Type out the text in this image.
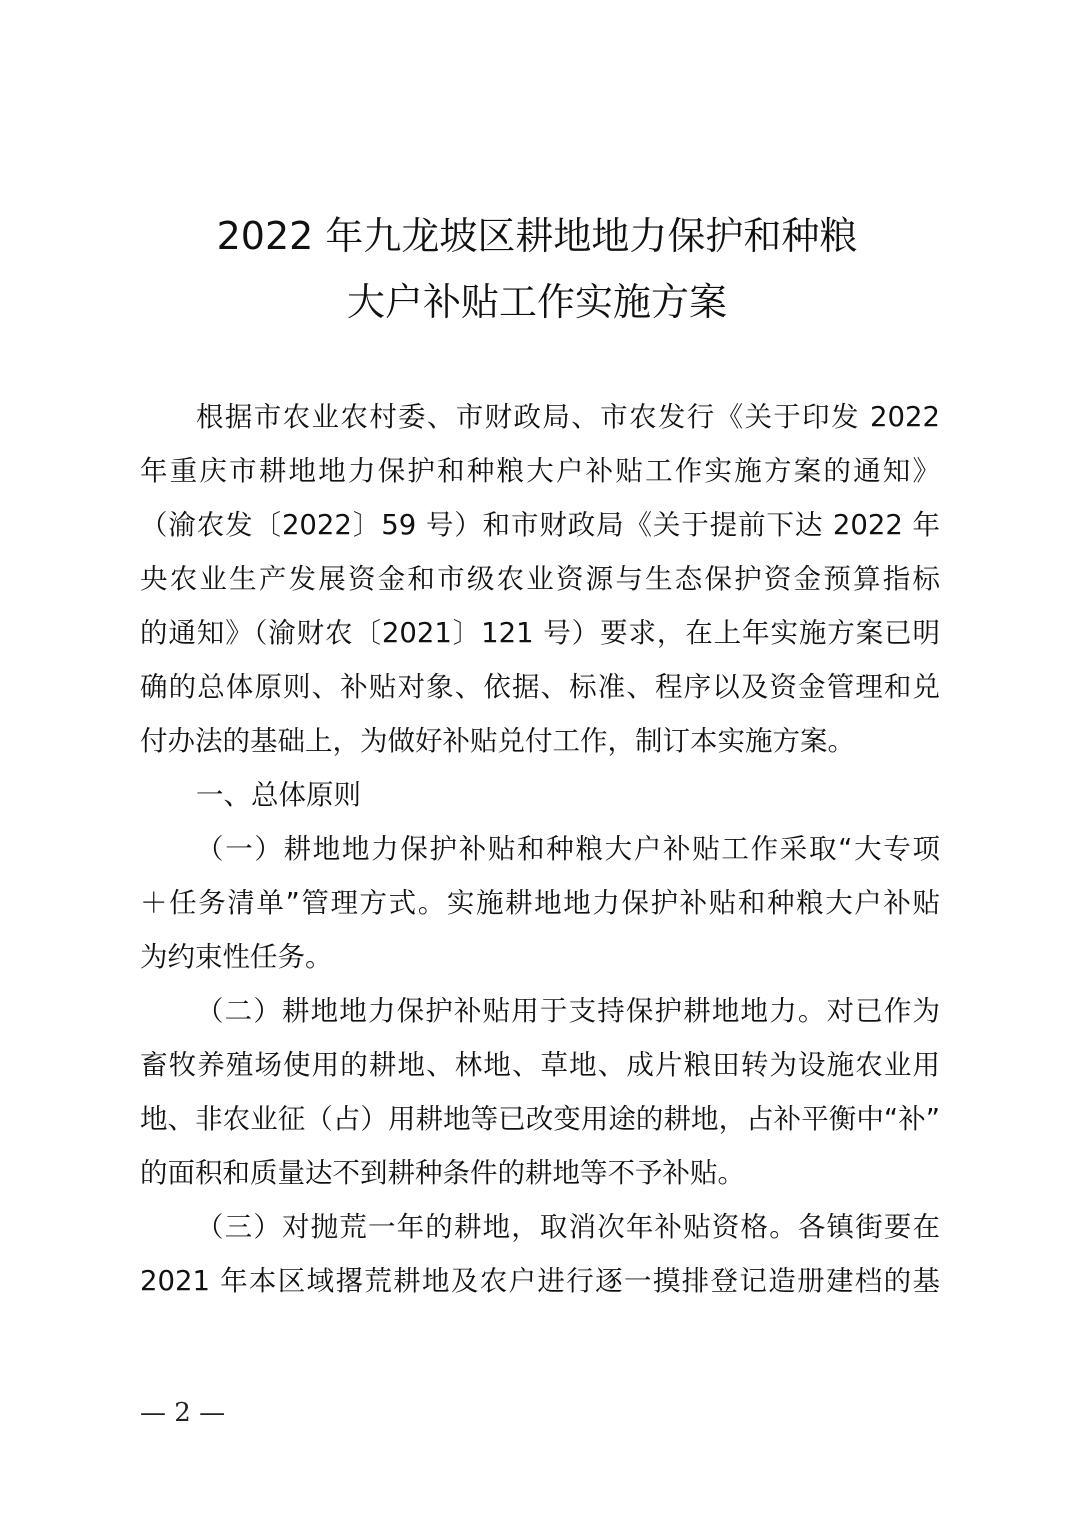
2022 年九龙坡区耕地地力保护和种粮
大户补贴工作实施方案
根据市农业农村委、市财政局、市农发行《关于印发 2022
年重庆市耕地地力保护和种粮大户补贴工作实施方案的通知》
（渝农发〔2022〕59 号）和市财政局《关于提前下达 2022 年
央农业生产发展资金和市级农业资源与生态保护资金预算指标
的通知》（渝财农〔2021〕121 号）要求，在上年实施方案已明
确的总体原则、补贴对象、依据、标准、程序以及资金管理和兑
付办法的基础上，为做好补贴兑付工作，制订本实施方案。
一、总体原则
（一）耕地地力保护补贴和种粮大户补贴工作采取“大专项
＋任务清单”管理方式。实施耕地地力保护补贴和种粮大户补贴
为约束性任务。
（二）耕地地力保护补贴用于支持保护耕地地力。对已作为
畜牧养殖场使用的耕地、林地、草地、成片粮田转为设施农业用
地、非农业征（占）用耕地等已改变用途的耕地，占补平衡中“补”
的面积和质量达不到耕种条件的耕地等不予补贴。
（三）对抛荒一年的耕地，取消次年补贴资格。各镇街要在
2021 年本区域撂荒耕地及农户进行逐一摸排登记造册建档的基
— 2 —
